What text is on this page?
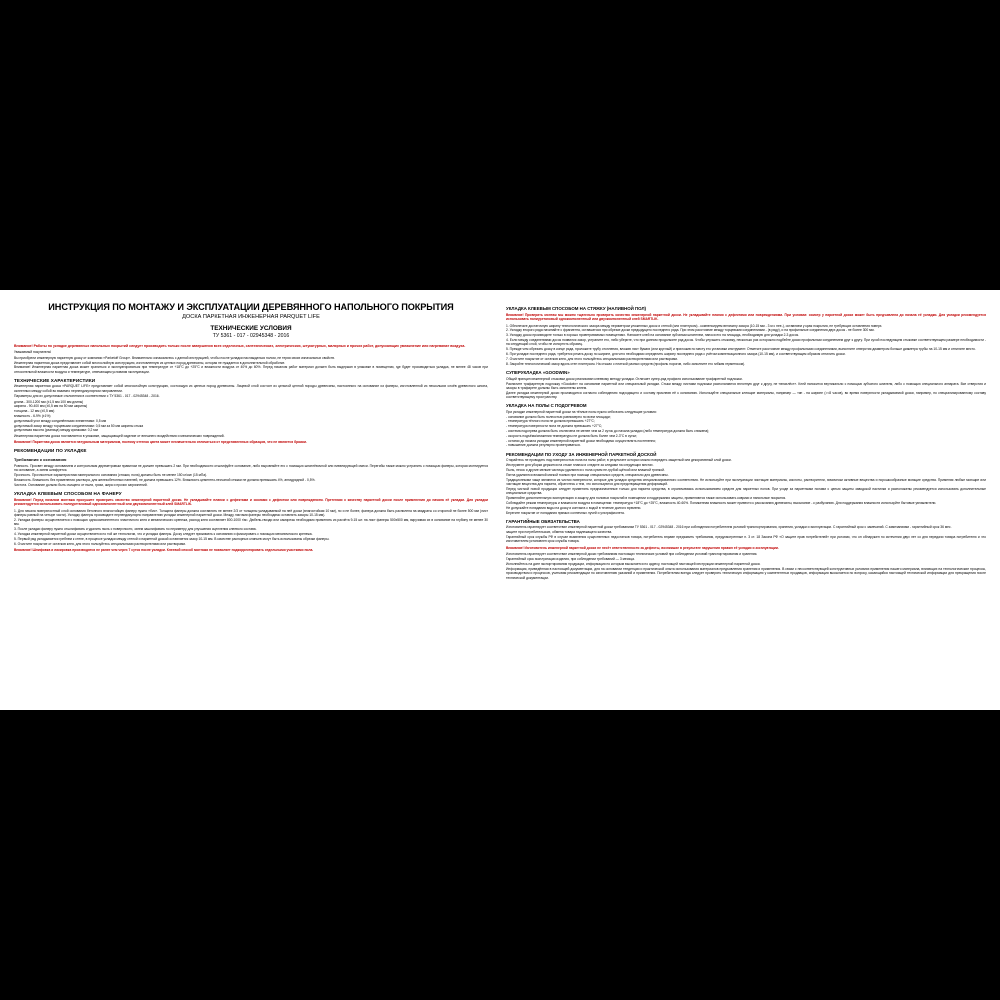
ИНСТРУКЦИЯ ПО МОНТАЖУ И ЭКСПЛУАТАЦИИ ДЕРЕВЯННОГО НАПОЛЬНОГО ПОКРЫТИЯ
ДОСКА ПАРКЕТНАЯ ИНЖЕНЕРНАЯ PARQUET LIFE
ТЕХНИЧЕСКИЕ УСЛОВИЯ
ТУ 5361 - 017 - 02945348 - 2016
Внимание! Работы по укладке деревянных напольных покрытий следует производить только после завершения всех отделочных, сантехнических, электрических, штукатурных, малярных и прочих работ, допускающих увлажнение или нагревание воздуха.

Уважаемый покупатель!

Вы приобрели инженерную паркетную доску от компании «Parketoff Group». Внимательно ознакомьтесь с данной инструкцией, чтобы после укладки наслаждаться полом, не теряя своих изначальных свойств.

Инженерная паркетная доска представляет собой многослойную конструкцию, изготовленную из ценных пород древесины, которая не нуждается в дополнительной обработке.

Внимание! Инженерная паркетная доска может храниться и эксплуатироваться при температуре от +18°С до +25°С и влажности воздуха от 40% до 60%. Перед началом работ материал должен быть выдержан в упаковке в помещении, где будет производиться укладка, не менее 48 часов при относительной влажности воздуха и температуре, отвечающим условиям эксплуатации.

ТЕХНИЧЕСКИЕ ХАРАКТЕРИСТИКИ

Инженерная паркетная доска «PARQUET LIFE» представляет собой многослойную конструкцию, состоящую из ценных пород древесины. Лицевой слой состоит из цельной ценной породы древесины, настоянного на основание из фанеры, изготовленной из нескольких слоёв древесного шпона, склеенных между собой во взаимно перпендикулярном направлении.

Параметры для их допустимые отклонения в соответствии с ТУ 5361 - 017 - 02945348 - 2016.

длина - 300-1200 мм (±1,5 мм 100 мм длины)

ширина - 90-400 мм (±0,5 мм на 50 мм ширины)

толщина - 12 мм (±0,5 мм)

влажность - 6-9% (±1%)

допустимый угол между соединёнными элементами: 0,5 мм

допустимый зазор между торцевыми соединениями: 0,5 мм за 50 мм ширины стыка

допустимая высота (разница) между кромками: 0,2 мм

Инженерная паркетная доска поставляется в упаковке, защищающей изделие от внешнего воздействия и механических повреждений.

Внимание! Паркетная доска является натуральным материалом, поэтому оттенок цвета может незначительно отличаться от представленных образцов, что не является браком.
РЕКОМЕНДАЦИИ ПО УКЛАДКЕ
Требования к основанию

Ровность. Просвет между основанием и контрольным двухметровым правилом не должен превышать 2 мм. При необходимости отшлифуйте основание, либо выровняйте его с помощью шпатлёвочной или нивелирующей смеси. Перегибы также можно устранить с помощью фанеры, которая монтируется на основание, а затем шлифуется.

Прочность. Прочностные характеристики минерального основания (стяжки, пола) должны быть не менее 150 кг/см² (15 мПа).

Влажность. Влажность без применения раствора, для железобетонных панелей, не должна превышать 12%. Влажность цементно-песчаной стяжки не должна превышать 4%, ангидридной - 0,5%.

Чистота. Основание должно быть очищено от пыли, грязи, жира и прочих загрязнений.

УКЛАДКА КЛЕЕВЫМ СПОСОБОМ НА ФАНЕРУ
Внимание! Перед началом монтажа просушите проверить качество инженерной паркетной доски. Не укладывайте планки с дефектами и сколами с дефектом или повреждением. Претензии к качеству паркетной доски после применения до начала её укладки. Для укладки рекомендуется использовать полиуретановый однокомпонентный или двухкомпонентный клей SMARTLIK.

1. Для начала поверхностный слой основания бетонного влагостойкую фанеру нужно «бис». Толщина фанеры должна составлять не менее 2/3 от толщины укладываемой на неё доски (влагостойкая 10 мм), но и не более, фанера должна быть распилена на квадраты со стороной не более 500 мм (лист фанеры равный на четыре части). Укладку фанеры производите перпендикулярно направлению укладки инженерной паркетной доски. Между листами фанеры необходимо оставлять зазоры 10-15 мм).

2. Укладка фанеры осуществляется с помощью однокомпонентного эластичного клея и механического крепежа, расход клея составляет 800-1000 г/м². Дюбель-гвозди или саморезы необходимо применять из расчёта 9-15 шт. на лист фанеры 500х500 мм, вкручивая их в основание на глубину не менее 30 мм.

3. После укладки фанеру нужно отшлифовать и удалить пыль с поверхности, затем зашлифовать по периметру для улучшения сцепления клеевого состава.

4. Укладка инженерной паркетной доски осуществляется по той же технологии, что и укладка фанеры. Доску следует прижимать к основанию и фиксировать с помощью механического крепежа.

5. Первый ряд укладывается гребнем к стене, в процессе укладки между стеной и паркетной доской оставляется зазор 10-15 мм. В качестве распорных клиньев могут быть использованы обрезки фанеры.

6. Очистите покрытие от остатков клея, для этого пользуйтесь специальными растворителями или растворами.

Внимание! Шлифовка и лакировка производятся не ранее чем через 7 суток после укладки. Клеевой способ монтажа не позволяет подкорректировать отдельными участками пола.
УКЛАДКА КЛЕЕВЫМ СПОСОБОМ НА СТЯЖКУ (НАЛИВНОЙ ПОЛ)
Внимание! Проверить монтаж мы можем тщательно проверить качество инженерной паркетной доски. Не укладывайте планки с дефектами или повреждениями. При условии: осмотр у паркетной доски может быть предъявлена до начала её укладки. Для укладки рекомендуется использовать полиуретановый однокомпонентный или двухкомпонентный клей SMARTLIK.

1. Обеспечьте достаточную ширину технологического зазора между периметром уложенных досок и стеной (или плинтусом) - компенсируем величину зазора (10-15 мм - 3 м с нее-), оставляем у края покрытия, не требующих оставления поверх.

2. Укладку второго ряда начинайте с фрагмента, оставшегося при обрезке доски предыдущего последнего ряда. При этом расстояние между торцевыми соединениями - (в ряду), и на профильные соединения двух досок - не более 300 мм.

3. Укладку досок производите только в хорошо проветриваемых помещениях. Наносите клей на основание зубчатым шпателем, нанося его на площадь, необходимую для укладки 2-3 досок.

4. Если между соединениями досок появился зазор, устраните его, либо уберите, что при данном продолжите ряд досок. Чтобы улучшить стыковку, несколько раз осторожно подбейте доски профильным соединением друг к другу. При сухой последующем стыковке соответствующем размере необходимости - на следующий слой, чтобы не испортить образец.

5. Прежде чем обрезать доску в конце ряда, проложите трубу отопления, вложив лист бумаги (или круглый) и приложив по месту его установки инструмент. Отметьте расстояние между профильными соединениями, выполните отверстия диаметром больше диаметра трубы на 10-15 мм и отпилите место.

6. При укладке последнего ряда, требуется резать доску по ширине, для чего необходимо определить ширину последнего ряда с учётом компенсационного зазора (10-15 мм), и соответствующим образом отпилить доски.

7. Очистите покрытие от остатков клея, для этого пользуйтесь специальными растворителями или растворами.

8. Закройте технологический зазор вдоль стен плинтусом. На стыках с плиткой разных средств (профиль порогов, либо заполните его гибким герметиком).

СУПЕРУКЛАДКА «GOODWIN»

Общий принцип инженерной стыковки досок реализован клеевому методу укладки. Отличает супер-ряд профиля использование трафаретной подложки.

Распилите трафаретную подложку «Goodwin» на основание паркетной или специальный укладки. Стыки между листами подложки располагаются вплотную друг к другу, не «внахлёст». Клей наносится вертикально с помощью зубчатого шпателя, либо с помощью специального аппарата. Все отверстия и зазоры в трафарете должны быть заполнены клеем.

Далее укладка инженерной доски производится согласно соблюдению подходящего и составу приклеив её к основанию. Используйте специальные клеящие материалы, например — тип - на ширине (>=8 часов), во время поверхности укладываемой доски, например, по специализированному составу соответствующему пространству.

УКЛАДКА НА ПОЛЫ С ПОДОГРЕВОМ

При укладке инженерной паркетной доски на тёплые полы нужно себя взять следующие условия:

- основание должно быть полностью равномерно по всем площади;

- температура тёплого пола не должна превышать +27°С;

- температура поверхности пола не должна превышать +27°С;

- система подогрева должна быть отключена не менее чем за 2 суток до начала укладки (либо температура должна быть снижена);

- скорость подъёма/снижения температуры не должна быть более чем 2-3°С в сутки;

- остатки до начала укладки инженерной паркетной доски необходимо осуществлять постепенно;

- повышение должна регулярно проветриваться.

РЕКОМЕНДАЦИИ ПО УХОДУ ЗА ИНЖЕНЕРНОЙ ПАРКЕТНОЙ ДОСКОЙ

Старайтесь не проводить над поверхностью пола на полы работ, в результате которых можно повредить защитный или декоративный слой доски.

Инструмент для уборки держится на стыке планок и следите за следами на следующих местах.

Пыль, песок и другие мелкие частицы удаляются с пола сухим не-грубой щёткой или влажной тряпкой.

Пятна удаляются влажной мягкой тканью при помощи специальных средств, специально для древесины.

Традиционными чаще являются из чистки поверхности, которые для укладки средства специализированного соответствия. Не используйте при эксплуатации чистящие материалы, кислоты, растворители, химически активные вещества и порошкообразные моющие средства. Применяя любые моющие или чистящие вещества для паркета, обратитесь к тем, что используются для предотвращения деформаций.

Перед чисткой новой продукции следует применять предназначенные только для паркета средства, в ограничиваясь использованием средств для паркетных полов. При уходе за паркетными полами с целью защиты заводской настилки и расположены рекомендуется использовать дополнительные специальные средства.

Применяйте дополнительную эксплуатацию и защиту для половых покрытий в помещении и поддержания защиты, применяются также использовать коврики и напольные покрытия.

Соблюдайте режим температуры и влажности воздуха в помещении: температура +18°С до +25°С, влажность 40-60%. Пониженная влажность может привести к рассыханию древесины, высыхание - к разбуханию. Для поддержания влажности используйте бытовые увлажнители.

Не допускайте попадания воды на доску и контакта с водой в течение долгого времени.

Берегите покрытие от попадания прямых солнечных лучей и ультрафиолета.

ГАРАНТИЙНЫЕ ОБЯЗАТЕЛЬСТВА

Изготовитель гарантирует соответствие инженерной паркетной доски требованиям ТУ 5361 - 017 - 02945348 - 2016 при соблюдении потребителем условий транспортирования, хранения, укладки и эксплуатации. С гарантийный срок с замечаний. С замечаниями - гарантийный срок 36 мес.

защите при потребительских, обмена товара надлежащего качества.

Гарантийный срок службы РФ в случае выявления существенных недостатков товара, потребитель вправе предъявить требования, предусмотренные п. 3 ст. 18 Закона РФ «О защите прав потребителей» при условии, что он обнаружен по истечении двух лет со дня передачи товара потребителю и что изготовителем установлен срок службы товара.

Внимание! Изготовитель инженерной паркетной доски не несёт ответственности за дефекты, возникшие в результате нарушения правил её укладки и эксплуатации.

Изготовитель гарантирует соответствие инженерной доски требованиям настоящих технических условий при соблюдении условий транспортирования и хранения.

Гарантийный срок эксплуатации изделия, при соблюдении требований — 3 месяца.

Исполняйтесь на дате экспортирования продукции, информация по которым высылается по адресу, настоящей настоящей инструкции инженерной паркетной доски.

Информация, приведённая в настоящей документации, для на основании тенденции и практической опыта использования материалов предъявления хранения и применения. В связи с несоответствующей конструктивных условиях применения нашего материала, влияющих на технологические процессы, производством и процессов, учитывая рекомендации по изготовлению указаний и применения. Потребителям всегда следует проверять техническую информацию у компетентных продавцов, информация высылается по вопросу, касающийся настоящей технической информации для прекращения после технической документации.
